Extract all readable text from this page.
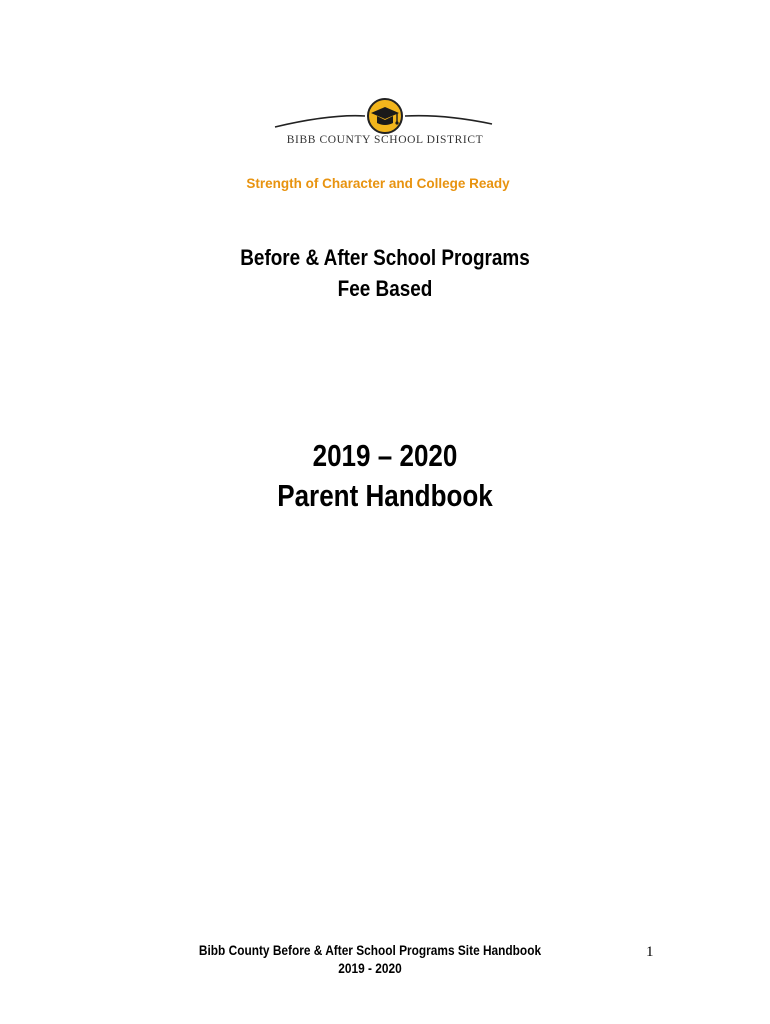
BIBB COUNTY SCHOOL DISTRICT
Strength of Character and College Ready
Before & After School Programs
Fee Based
2019 – 2020
Parent Handbook
Bibb County Before & After School Programs Site Handbook
2019 - 2020
1
